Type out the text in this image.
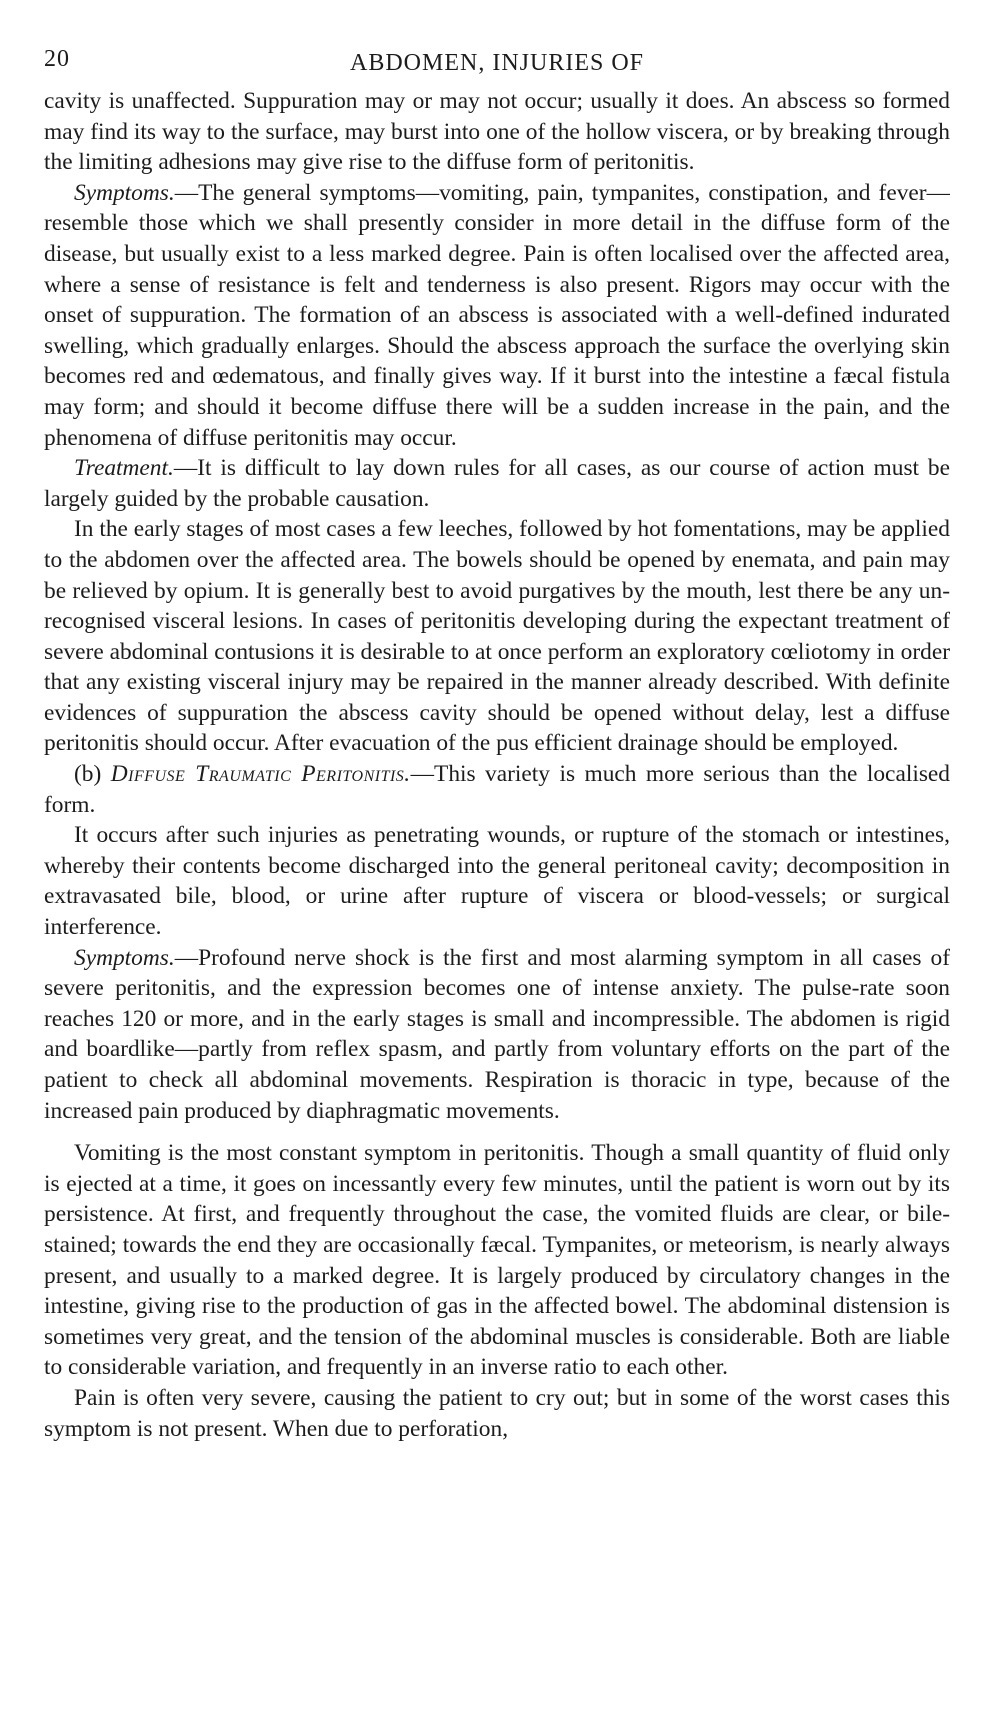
20	ABDOMEN, INJURIES OF

cavity is unaffected. Suppuration may or may not occur; usually it does. An abscess so formed may find its way to the surface, may burst into one of the hollow viscera, or by breaking through the limiting adhesions may give rise to the diffuse form of peritonitis.

Symptoms.—The general symptoms—vomiting, pain, tympanites, constipation, and fever—resemble those which we shall presently consider in more detail in the diffuse form of the disease, but usually exist to a less marked degree. Pain is often localised over the affected area, where a sense of resistance is felt and tenderness is also present. Rigors may occur with the onset of suppuration. The formation of an abscess is associated with a well-defined indurated swelling, which gradually enlarges. Should the abscess approach the surface the overlying skin becomes red and œdematous, and finally gives way. If it burst into the intestine a fæcal fistula may form; and should it become diffuse there will be a sudden increase in the pain, and the phenomena of diffuse peritonitis may occur.

Treatment.—It is difficult to lay down rules for all cases, as our course of action must be largely guided by the probable causation.

In the early stages of most cases a few leeches, followed by hot fomentations, may be applied to the abdomen over the affected area. The bowels should be opened by enemata, and pain may be relieved by opium. It is generally best to avoid purgatives by the mouth, lest there be any unrecognised visceral lesions. In cases of peritonitis developing during the expectant treatment of severe abdominal contusions it is desirable to at once perform an exploratory cœliotomy in order that any existing visceral injury may be repaired in the manner already described. With definite evidences of suppuration the abscess cavity should be opened without delay, lest a diffuse peritonitis should occur. After evacuation of the pus efficient drainage should be employed.

(b) Diffuse Traumatic Peritonitis.—This variety is much more serious than the localised form.

It occurs after such injuries as penetrating wounds, or rupture of the stomach or intestines, whereby their contents become discharged into the general peritoneal cavity; decomposition in extravasated bile, blood, or urine after rupture of viscera or blood-vessels; or surgical interference.

Symptoms.—Profound nerve shock is the first and most alarming symptom in all cases of severe peritonitis, and the expression becomes one of intense anxiety. The pulse-rate soon reaches 120 or more, and in the early stages is small and incompressible. The abdomen is rigid and boardlike—partly from reflex spasm, and partly from voluntary efforts on the part of the patient to check all abdominal movements. Respiration is thoracic in type, because of the increased pain produced by diaphragmatic movements.

Vomiting is the most constant symptom in peritonitis. Though a small quantity of fluid only is ejected at a time, it goes on incessantly every few minutes, until the patient is worn out by its persistence. At first, and frequently throughout the case, the vomited fluids are clear, or bile-stained; towards the end they are occasionally fæcal. Tympanites, or meteorism, is nearly always present, and usually to a marked degree. It is largely produced by circulatory changes in the intestine, giving rise to the production of gas in the affected bowel. The abdominal distension is sometimes very great, and the tension of the abdominal muscles is considerable. Both are liable to considerable variation, and frequently in an inverse ratio to each other.

Pain is often very severe, causing the patient to cry out; but in some of the worst cases this symptom is not present. When due to perforation,
